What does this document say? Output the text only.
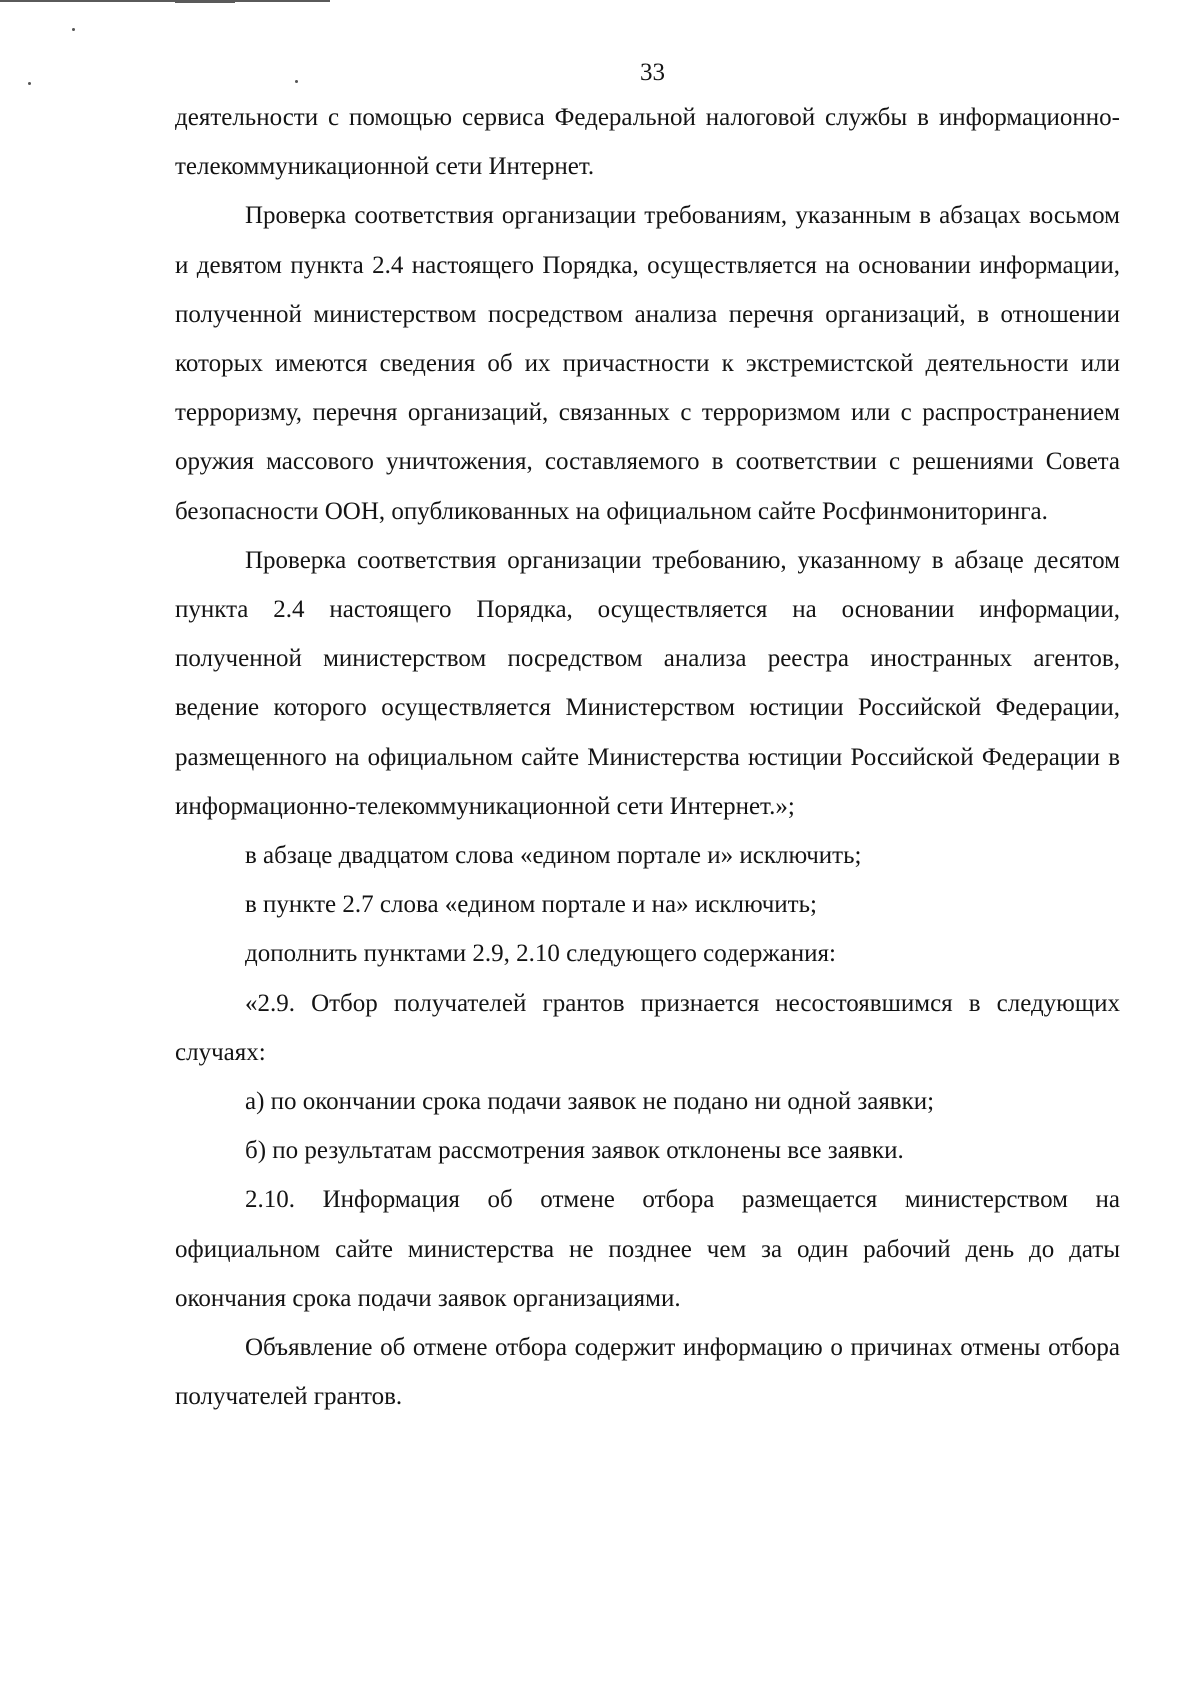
33

деятельности с помощью сервиса Федеральной налоговой службы в информационно-телекоммуникационной сети Интернет.

Проверка соответствия организации требованиям, указанным в абзацах восьмом и девятом пункта 2.4 настоящего Порядка, осуществляется на основании информации, полученной министерством посредством анализа перечня организаций, в отношении которых имеются сведения об их причастности к экстремистской деятельности или терроризму, перечня организаций, связанных с терроризмом или с распространением оружия массового уничтожения, составляемого в соответствии с решениями Совета безопасности ООН, опубликованных на официальном сайте Росфинмониторинга.

Проверка соответствия организации требованию, указанному в абзаце десятом пункта 2.4 настоящего Порядка, осуществляется на основании информации, полученной министерством посредством анализа реестра иностранных агентов, ведение которого осуществляется Министерством юстиции Российской Федерации, размещенного на официальном сайте Министерства юстиции Российской Федерации в информационно-телекоммуникационной сети Интернет.»;

в абзаце двадцатом слова «едином портале и» исключить;

в пункте 2.7 слова «едином портале и на» исключить;

дополнить пунктами 2.9, 2.10 следующего содержания:

«2.9. Отбор получателей грантов признается несостоявшимся в следующих случаях:

а) по окончании срока подачи заявок не подано ни одной заявки;

б) по результатам рассмотрения заявок отклонены все заявки.

2.10. Информация об отмене отбора размещается министерством на официальном сайте министерства не позднее чем за один рабочий день до даты окончания срока подачи заявок организациями.

Объявление об отмене отбора содержит информацию о причинах отмены отбора получателей грантов.
